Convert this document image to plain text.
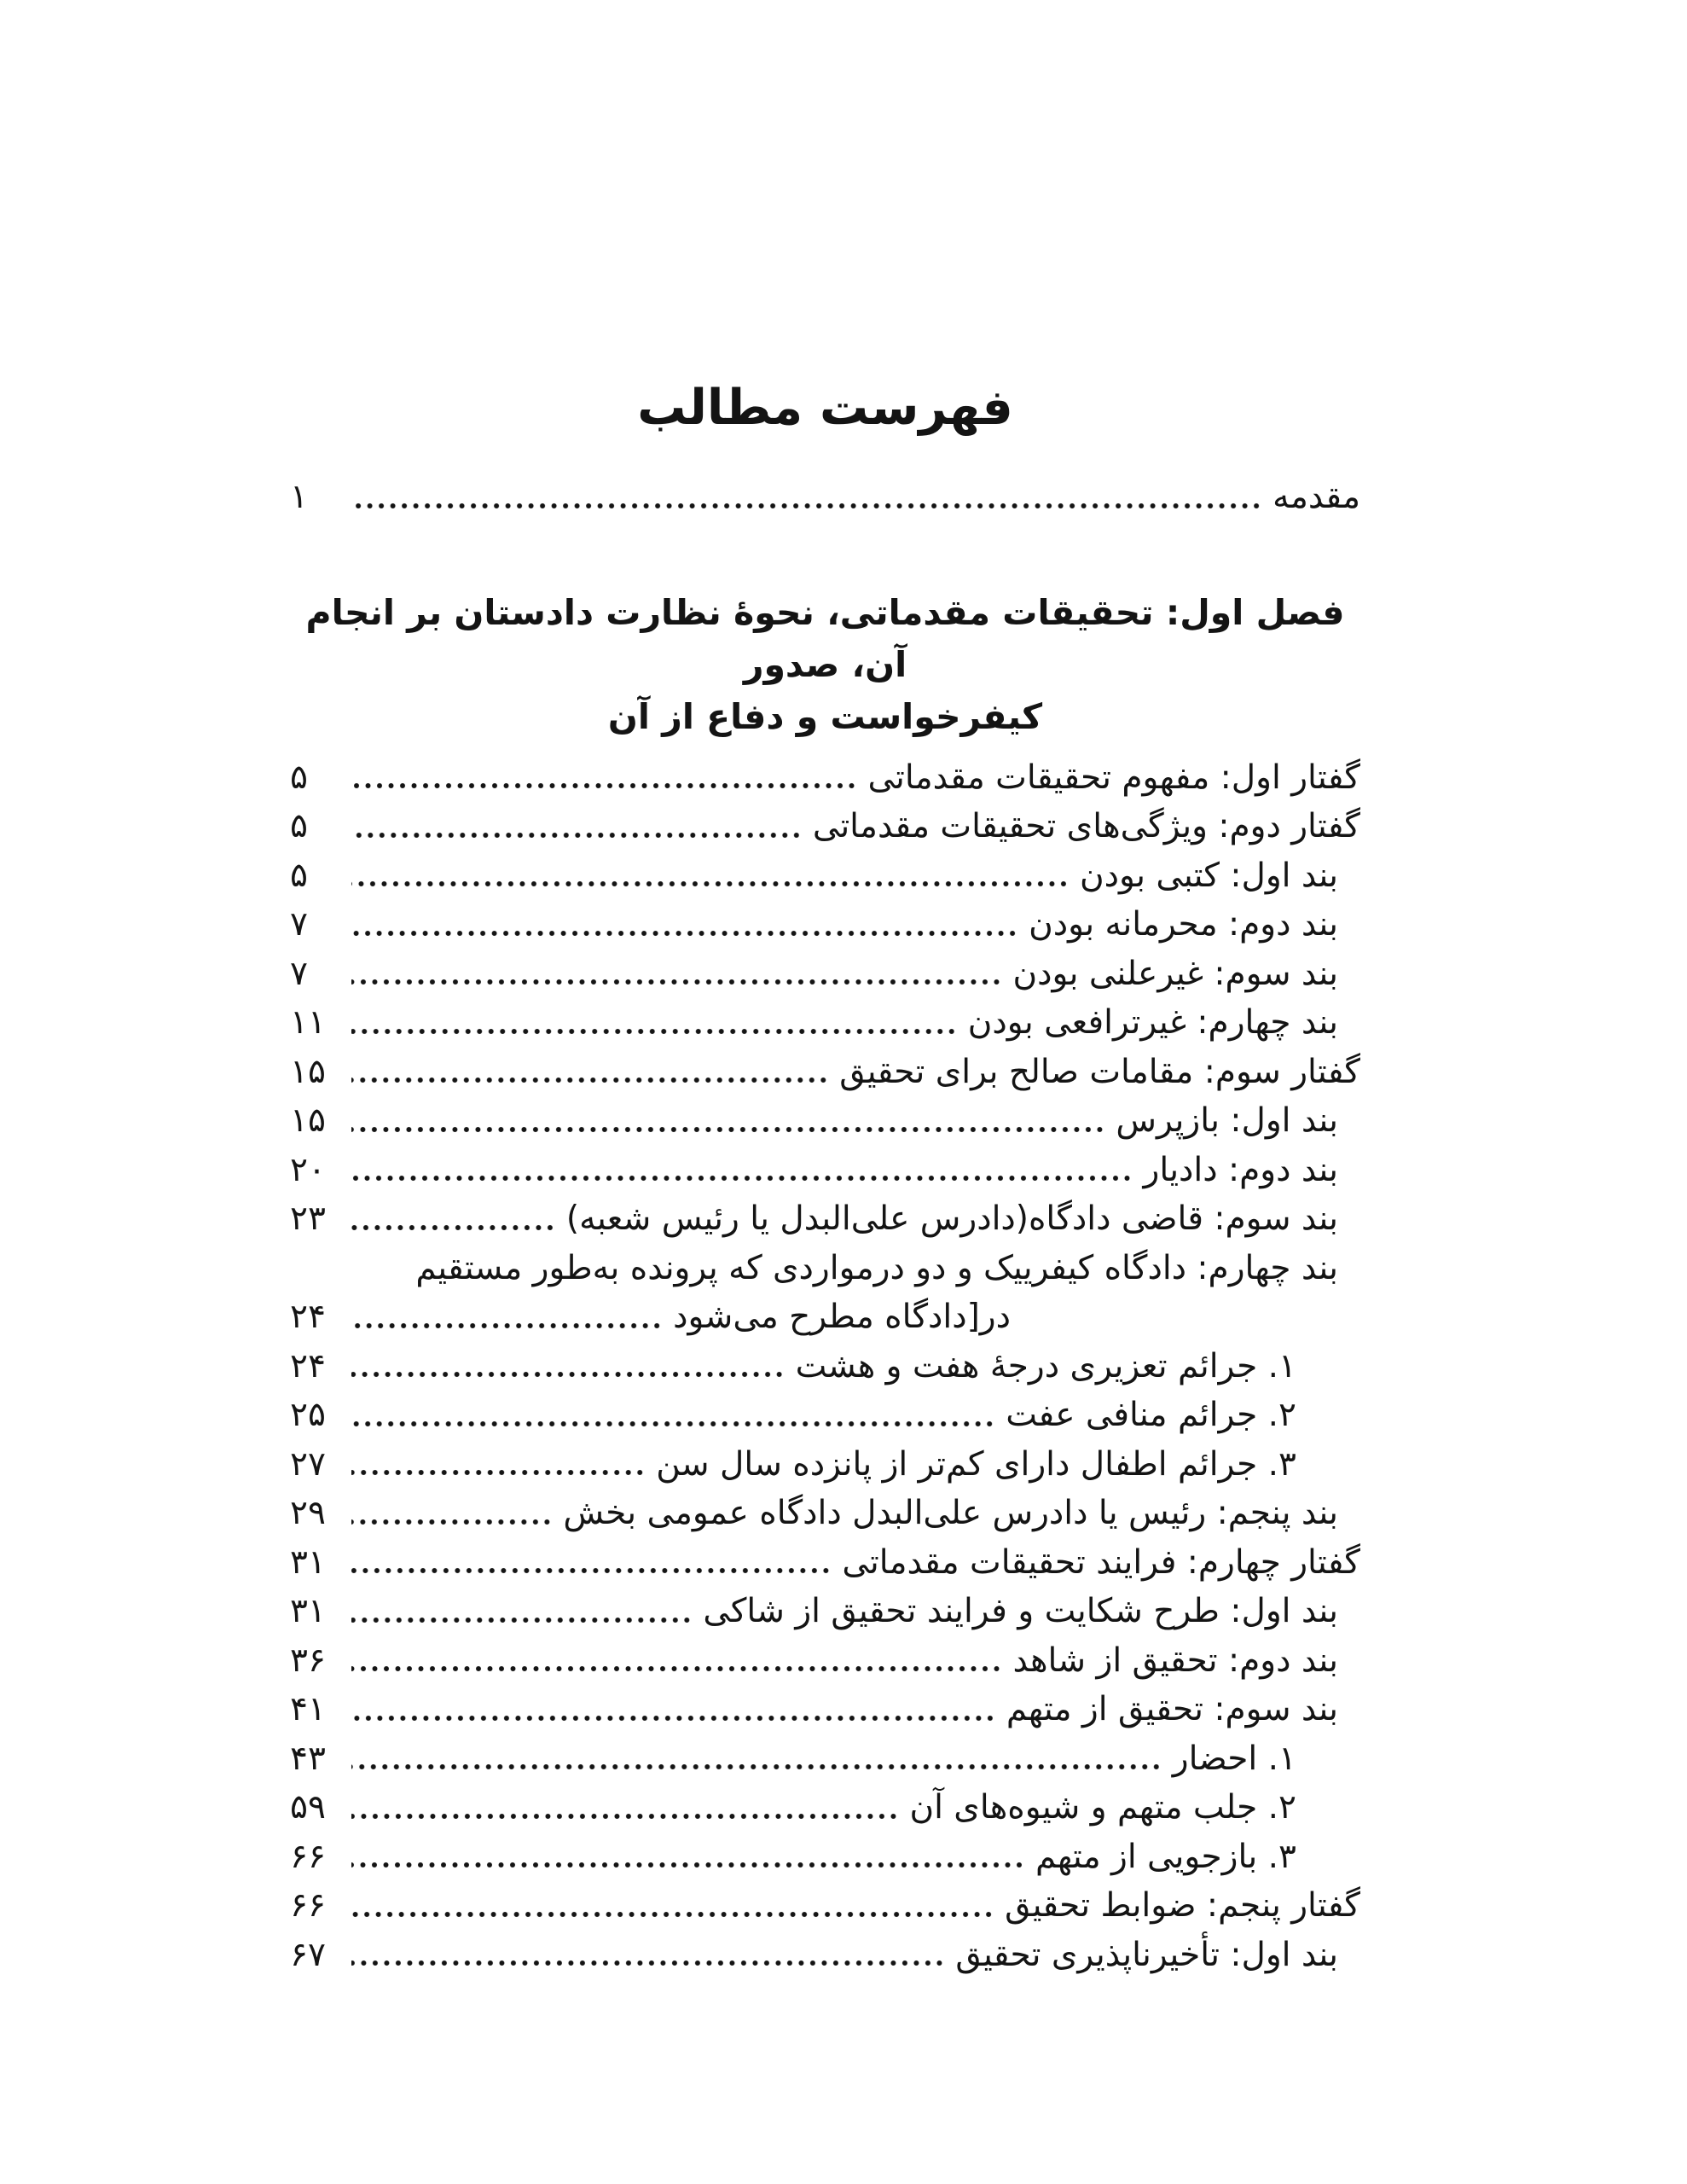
فهرست مطالب
مقدمه
۱
فصل اول: تحقیقات مقدماتی، نحوهٔ نظارت دادستان بر انجام آن، صدور
کیفرخواست و دفاع از آن
گفتار اول: مفهوم تحقیقات مقدماتی
۵
گفتار دوم: ویژگی‌های تحقیقات مقدماتی
۵
بند اول: کتبی بودن
۵
بند دوم: محرمانه بودن
۷
بند سوم: غیرعلنی بودن
۷
بند چهارم: غیرترافعی بودن
۱۱
گفتار سوم: مقامات صالح برای تحقیق
۱۵
بند اول: بازپرس
۱۵
بند دوم: دادیار
۲۰
بند سوم: قاضی دادگاه(دادرس علی‌البدل یا رئیس شعبه)
۲۳
بند چهارم: دادگاه کیفرییک و دو درمواردی که پرونده به‌طور مستقیم
در[دادگاه مطرح می‌شود
۲۴
۱. جرائم تعزیری درجهٔ هفت و هشت
۲۴
۲. جرائم منافی عفت
۲۵
۳. جرائم اطفال دارای کم‌تر از پانزده سال سن
۲۷
بند پنجم: رئیس یا دادرس علی‌البدل دادگاه عمومی بخش
۲۹
گفتار چهارم: فرایند تحقیقات مقدماتی
۳۱
بند اول: طرح شکایت و فرایند تحقیق از شاکی
۳۱
بند دوم: تحقیق از شاهد
۳۶
بند سوم: تحقیق از متهم
۴۱
۱. احضار
۴۳
۲. جلب متهم و شیوه‌های آن
۵۹
۳. بازجویی از متهم
۶۶
گفتار پنجم: ضوابط تحقیق
۶۶
بند اول: تأخیرناپذیری تحقیق
۶۷
